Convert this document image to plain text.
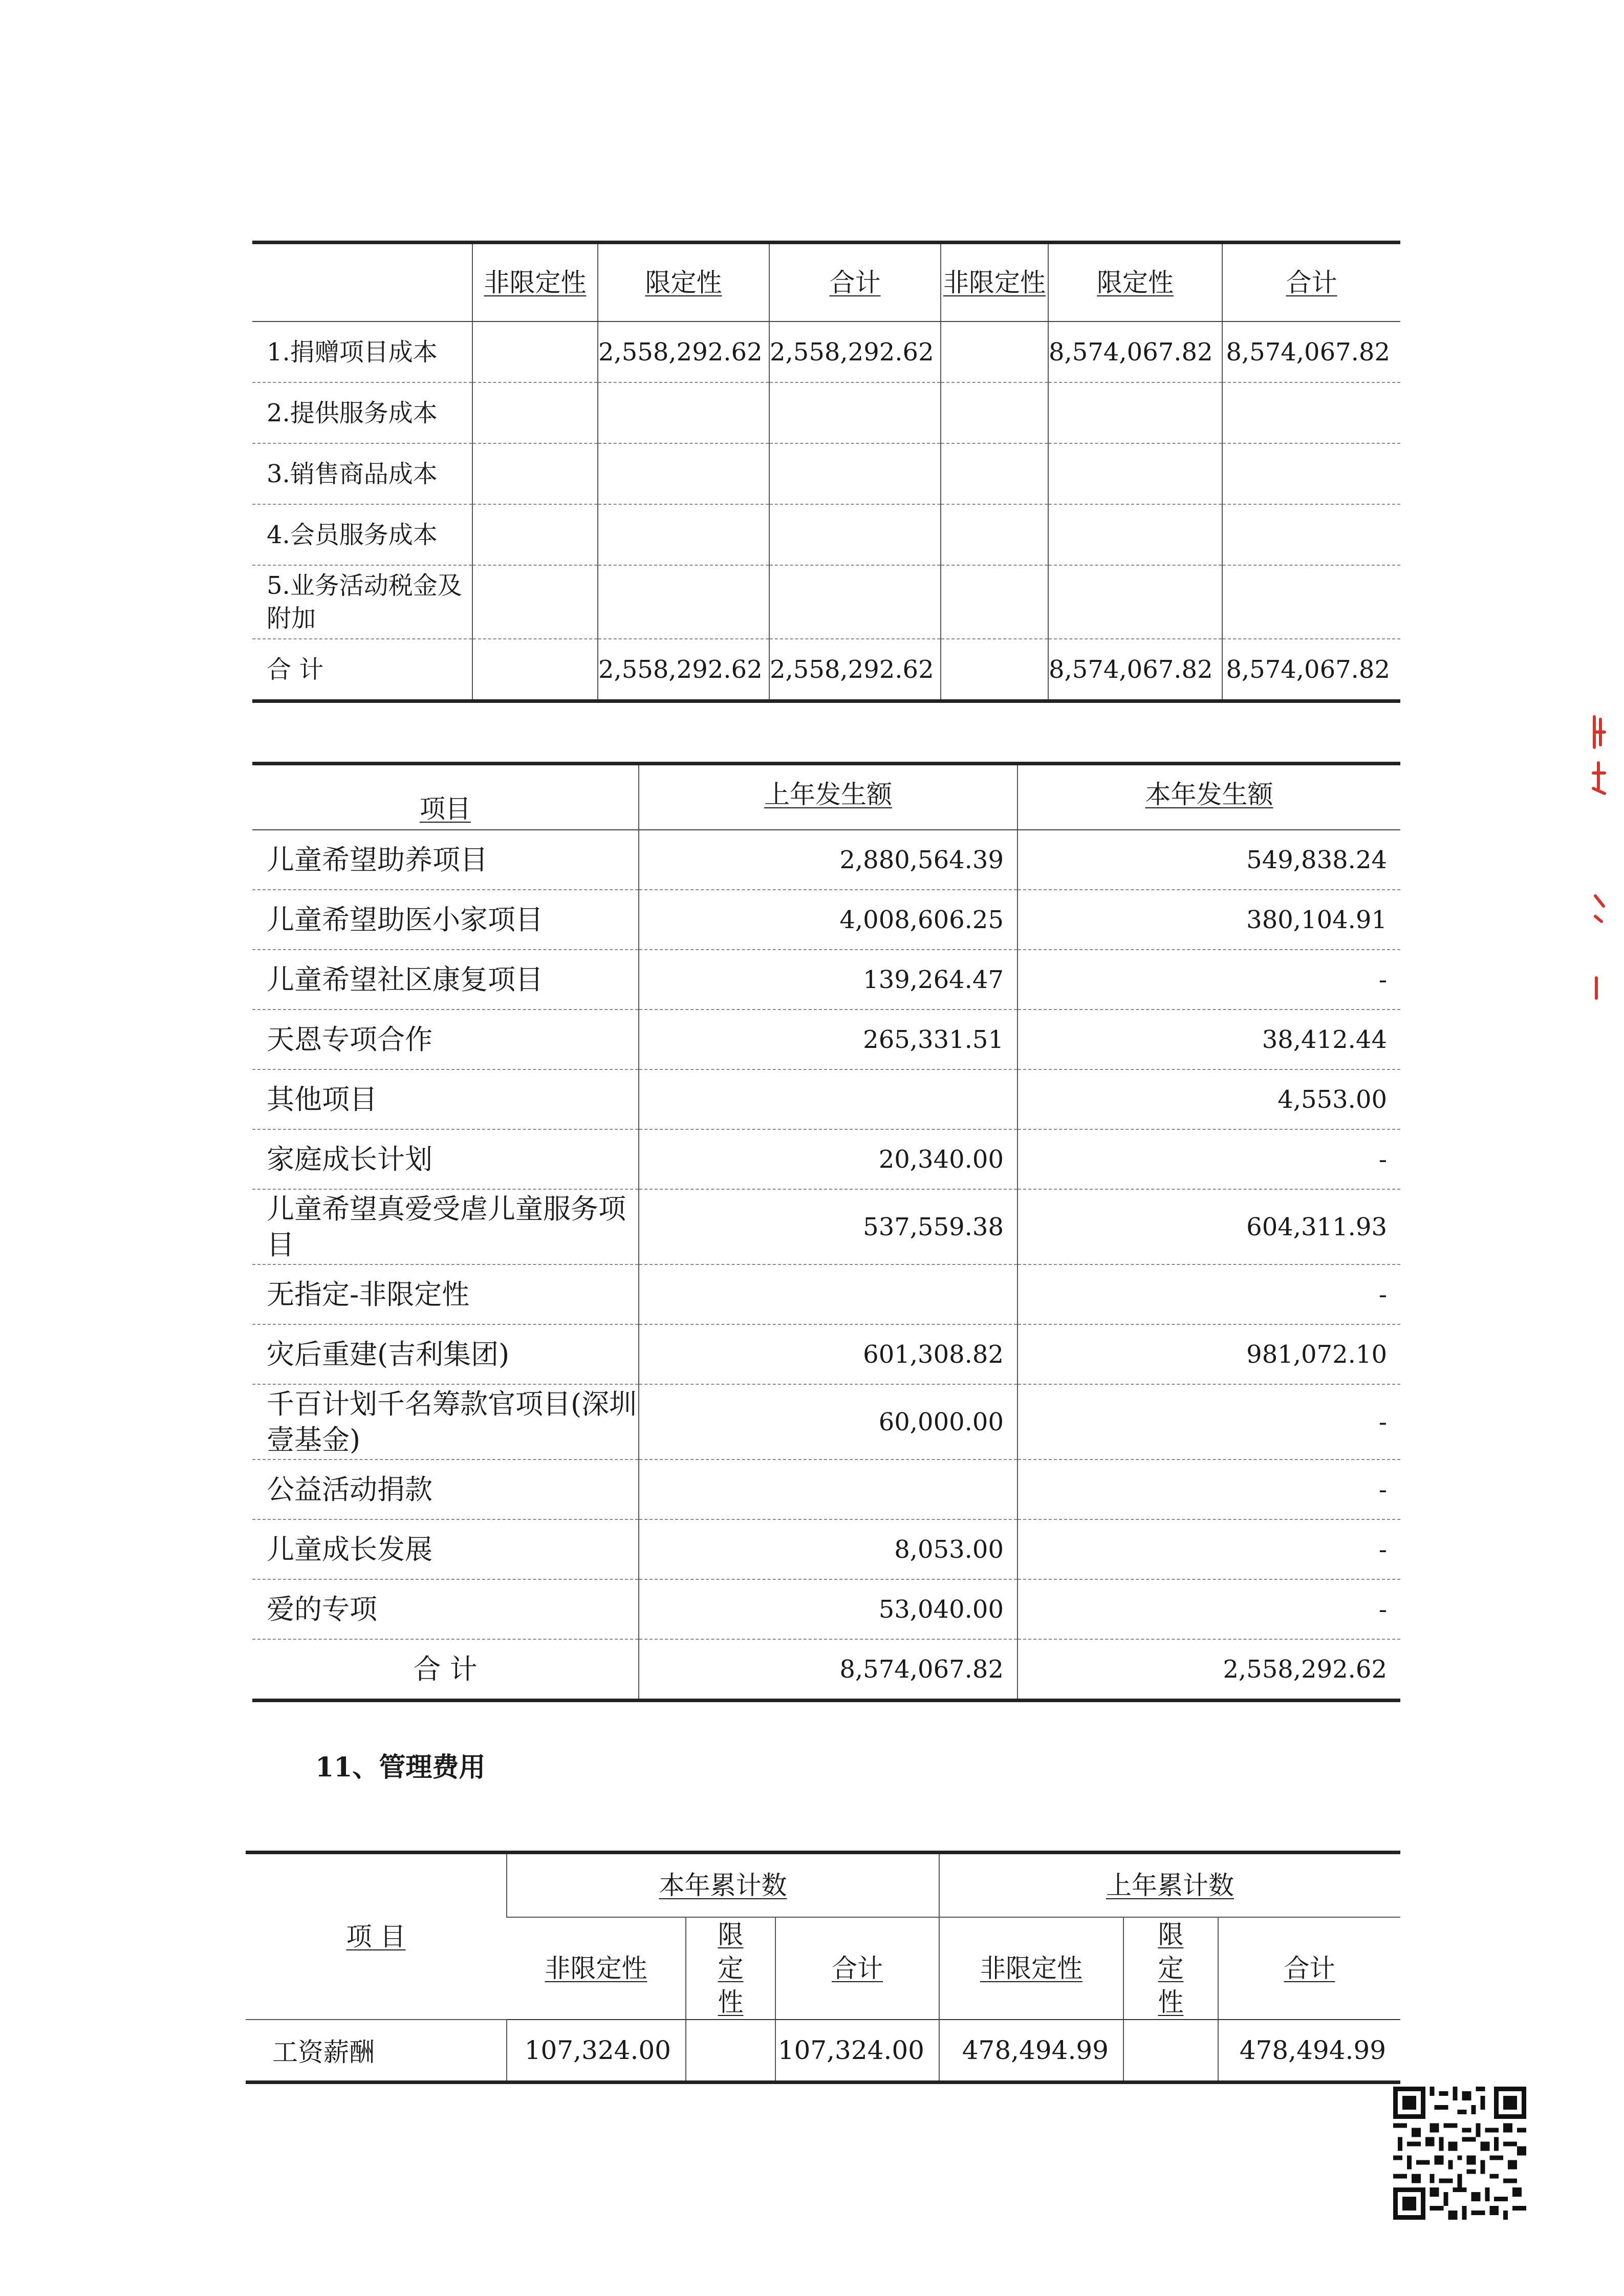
	非限定性	限定性	合计	非限定性	限定性	合计
1.捐赠项目成本		2,558,292.62	2,558,292.62		8,574,067.82	8,574,067.82
2.提供服务成本						
3.销售商品成本						
4.会员服务成本						
5.业务活动税金及附加						
合 计		2,558,292.62	2,558,292.62		8,574,067.82	8,574,067.82
项目	上年发生额	本年发生额
儿童希望助养项目	2,880,564.39	549,838.24
儿童希望助医小家项目	4,008,606.25	380,104.91
儿童希望社区康复项目	139,264.47	-
天恩专项合作	265,331.51	38,412.44
其他项目		4,553.00
家庭成长计划	20,340.00	-
儿童希望真爱受虐儿童服务项目	537,559.38	604,311.93
无指定-非限定性		-
灾后重建(吉利集团)	601,308.82	981,072.10
千百计划千名筹款官项目(深圳壹基金)	60,000.00	-
公益活动捐款		-
儿童成长发展	8,053.00	-
爱的专项	53,040.00	-
合 计	8,574,067.82	2,558,292.62
11、管理费用
项 目	本年累计数			上年累计数		
	非限定性	限定性	合计	非限定性	限定性	合计
工资薪酬	107,324.00		107,324.00	478,494.99		478,494.99
